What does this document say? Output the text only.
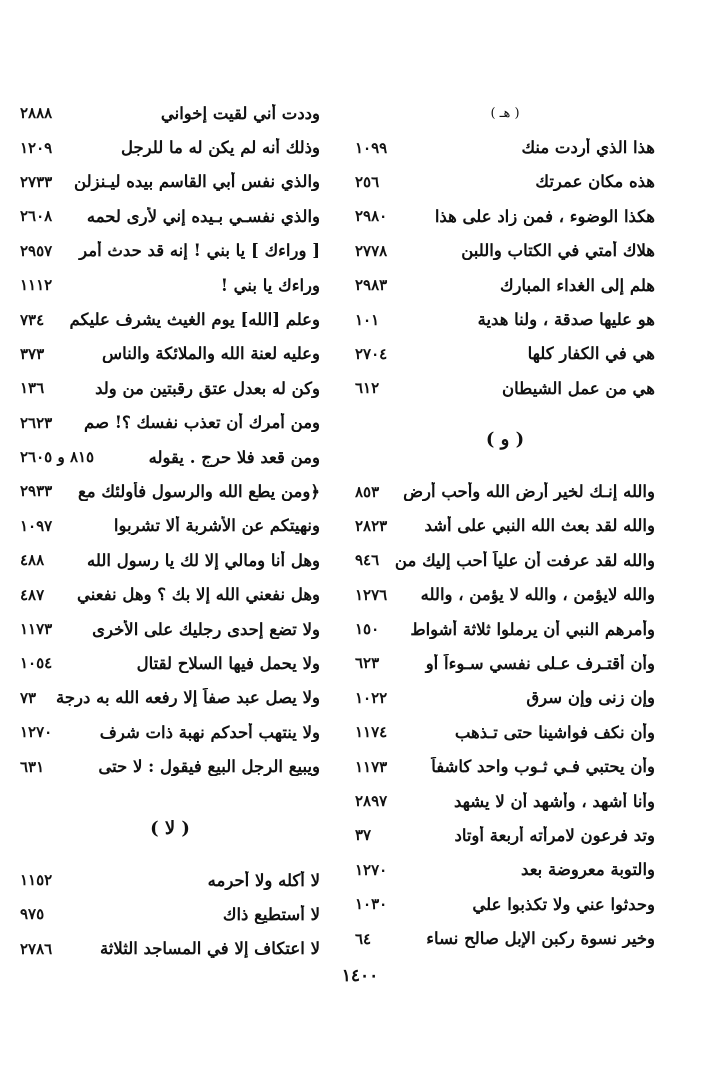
( هـ )
هذا الذي أردت منك
١٠٩٩
هذه مكان عمرتك
٢٥٦
هكذا الوضوء ، فمن زاد على هذا
٢٩٨٠
هلاك أمتي في الكتاب واللبن
٢٧٧٨
هلم إلى الغداء المبارك
٢٩٨٣
هو عليها صدقة ، ولنا هدية
١٠١
هي في الكفار كلها
٢٧٠٤
هي من عمل الشيطان
٦١٢
( و )
والله إنـك لخير أرض الله وأحب أرض
٨٥٣
والله لقد بعث الله النبي على أشد
٢٨٢٣
والله لقد عرفت أن علياً أحب إليك من
٩٤٦
والله لايؤمن ، والله لا يؤمن ، والله
١٢٧٦
وأمرهم النبي أن يرملوا ثلاثة أشواط
١٥٠
وأن أقتـرف عـلى نفسي سـوءاً أو
٦٢٣
وإن زنى وإن سرق
١٠٢٢
وأن نكف فواشينا حتى تـذهب
١١٧٤
وأن يحتبي فـي ثـوب واحد كاشفاً
١١٧٣
وأنا أشهد ، وأشهد أن لا يشهد
٢٨٩٧
وتد فرعون لامرأته أربعة أوتاد
٣٧
والتوبة معروضة بعد
١٢٧٠
وحدثوا عني ولا تكذبوا علي
١٠٣٠
وخير نسوة ركبن الإبل صالح نساء
٦٤
وددت أني لقيت إخواني
٢٨٨٨
وذلك أنه لم يكن له ما للرجل
١٢٠٩
والذي نفس أبي القاسم بيده ليـنزلن
٢٧٣٣
والذي نفسـي بـيده إني لأرى لحمه
٢٦٠٨
[ وراءك ] يا بني ! إنه قد حدث أمر
٢٩٥٧
وراءك يا بني !
١١١٢
وعلم [الله] يوم الغيث يشرف عليكم
٧٣٤
وعليه لعنة الله والملائكة والناس
٣٧٣
وكن له بعدل عتق رقبتين من ولد
١٣٦
ومن أمرك أن تعذب نفسك ؟! صم
٢٦٢٣
ومن قعد فلا حرج . يقوله
٨١٥ و ٢٦٠٥
﴿ومن يطع الله والرسول فأولئك مع
٢٩٣٣
ونهيتكم عن الأشربة ألا تشربوا
١٠٩٧
وهل أنا ومالي إلا لك يا رسول الله
٤٨٨
وهل نفعني الله إلا بك ؟ وهل نفعني
٤٨٧
ولا تضع إحدى رجليك على الأخرى
١١٧٣
ولا يحمل فيها السلاح لقتال
١٠٥٤
ولا يصل عبد صفاً إلا رفعه الله به درجة
٧٣
ولا ينتهب أحدكم نهبة ذات شرف
١٢٧٠
ويبيع الرجل البيع فيقول : لا حتى
٦٣١
( لا )
لا أكله ولا أحرمه
١١٥٢
لا أستطيع ذاك
٩٧٥
لا اعتكاف إلا في المساجد الثلاثة
٢٧٨٦
١٤٠٠
